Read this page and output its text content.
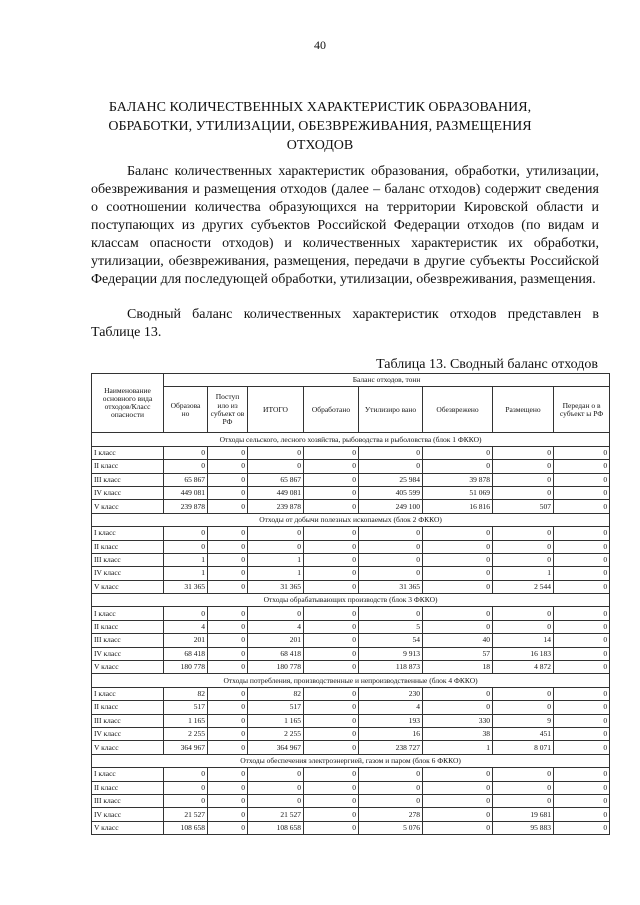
40
БАЛАНС КОЛИЧЕСТВЕННЫХ ХАРАКТЕРИСТИК ОБРАЗОВАНИЯ, ОБРАБОТКИ, УТИЛИЗАЦИИ, ОБЕЗВРЕЖИВАНИЯ, РАЗМЕЩЕНИЯ ОТХОДОВ

Баланс количественных характеристик образования, обработки, утилизации, обезвреживания и размещения отходов (далее – баланс отходов) содержит сведения о соотношении количества образующихся на территории Кировской области и поступающих из других субъектов Российской Федерации отходов (по видам и классам опасности отходов) и количественных характеристик их обработки, утилизации, обезвреживания, размещения, передачи в другие субъекты Российской Федерации для последующей обработки, утилизации, обезвреживания, размещения.

Сводный баланс количественных характеристик отходов представлен в Таблице 13.

Таблица 13. Сводный баланс отходов
Наименование основного вида отходов/Класс опасности	Баланс отходов, тонн							
	Образова но	Поступ ило из субъект ов РФ	ИТОГО	Обработано	Утилизиро вано	Обезврежено	Размещено	Передан о в субъект ы РФ
Отходы сельского, лесного хозяйства, рыбоводства и рыболовства (блок 1 ФККО)								
I класс	0	0	0	0	0	0	0	0
II класс	0	0	0	0	0	0	0	0
III класс	65 867	0	65 867	0	25 984	39 878	0	0
IV класс	449 081	0	449 081	0	405 599	51 069	0	0
V класс	239 878	0	239 878	0	249 100	16 816	507	0
Отходы от добычи полезных ископаемых (блок 2 ФККО)								
I класс	0	0	0	0	0	0	0	0
II класс	0	0	0	0	0	0	0	0
III класс	1	0	1	0	0	0	0	0
IV класс	1	0	1	0	0	0	1	0
V класс	31 365	0	31 365	0	31 365	0	2 544	0
Отходы обрабатывающих производств (блок 3 ФККО)								
I класс	0	0	0	0	0	0	0	0
II класс	4	0	4	0	5	0	0	0
III класс	201	0	201	0	54	40	14	0
IV класс	68 418	0	68 418	0	9 913	57	16 183	0
V класс	180 778	0	180 778	0	118 873	18	4 872	0
Отходы потребления, производственные и непроизводственные (блок 4 ФККО)								
I класс	82	0	82	0	230	0	0	0
II класс	517	0	517	0	4	0	0	0
III класс	1 165	0	1 165	0	193	330	9	0
IV класс	2 255	0	2 255	0	16	38	451	0
V класс	364 967	0	364 967	0	238 727	1	8 071	0
Отходы обеспечения электроэнергией, газом и паром (блок 6 ФККО)								
I класс	0	0	0	0	0	0	0	0
II класс	0	0	0	0	0	0	0	0
III класс	0	0	0	0	0	0	0	0
IV класс	21 527	0	21 527	0	278	0	19 681	0
V класс	108 658	0	108 658	0	5 076	0	95 883	0
